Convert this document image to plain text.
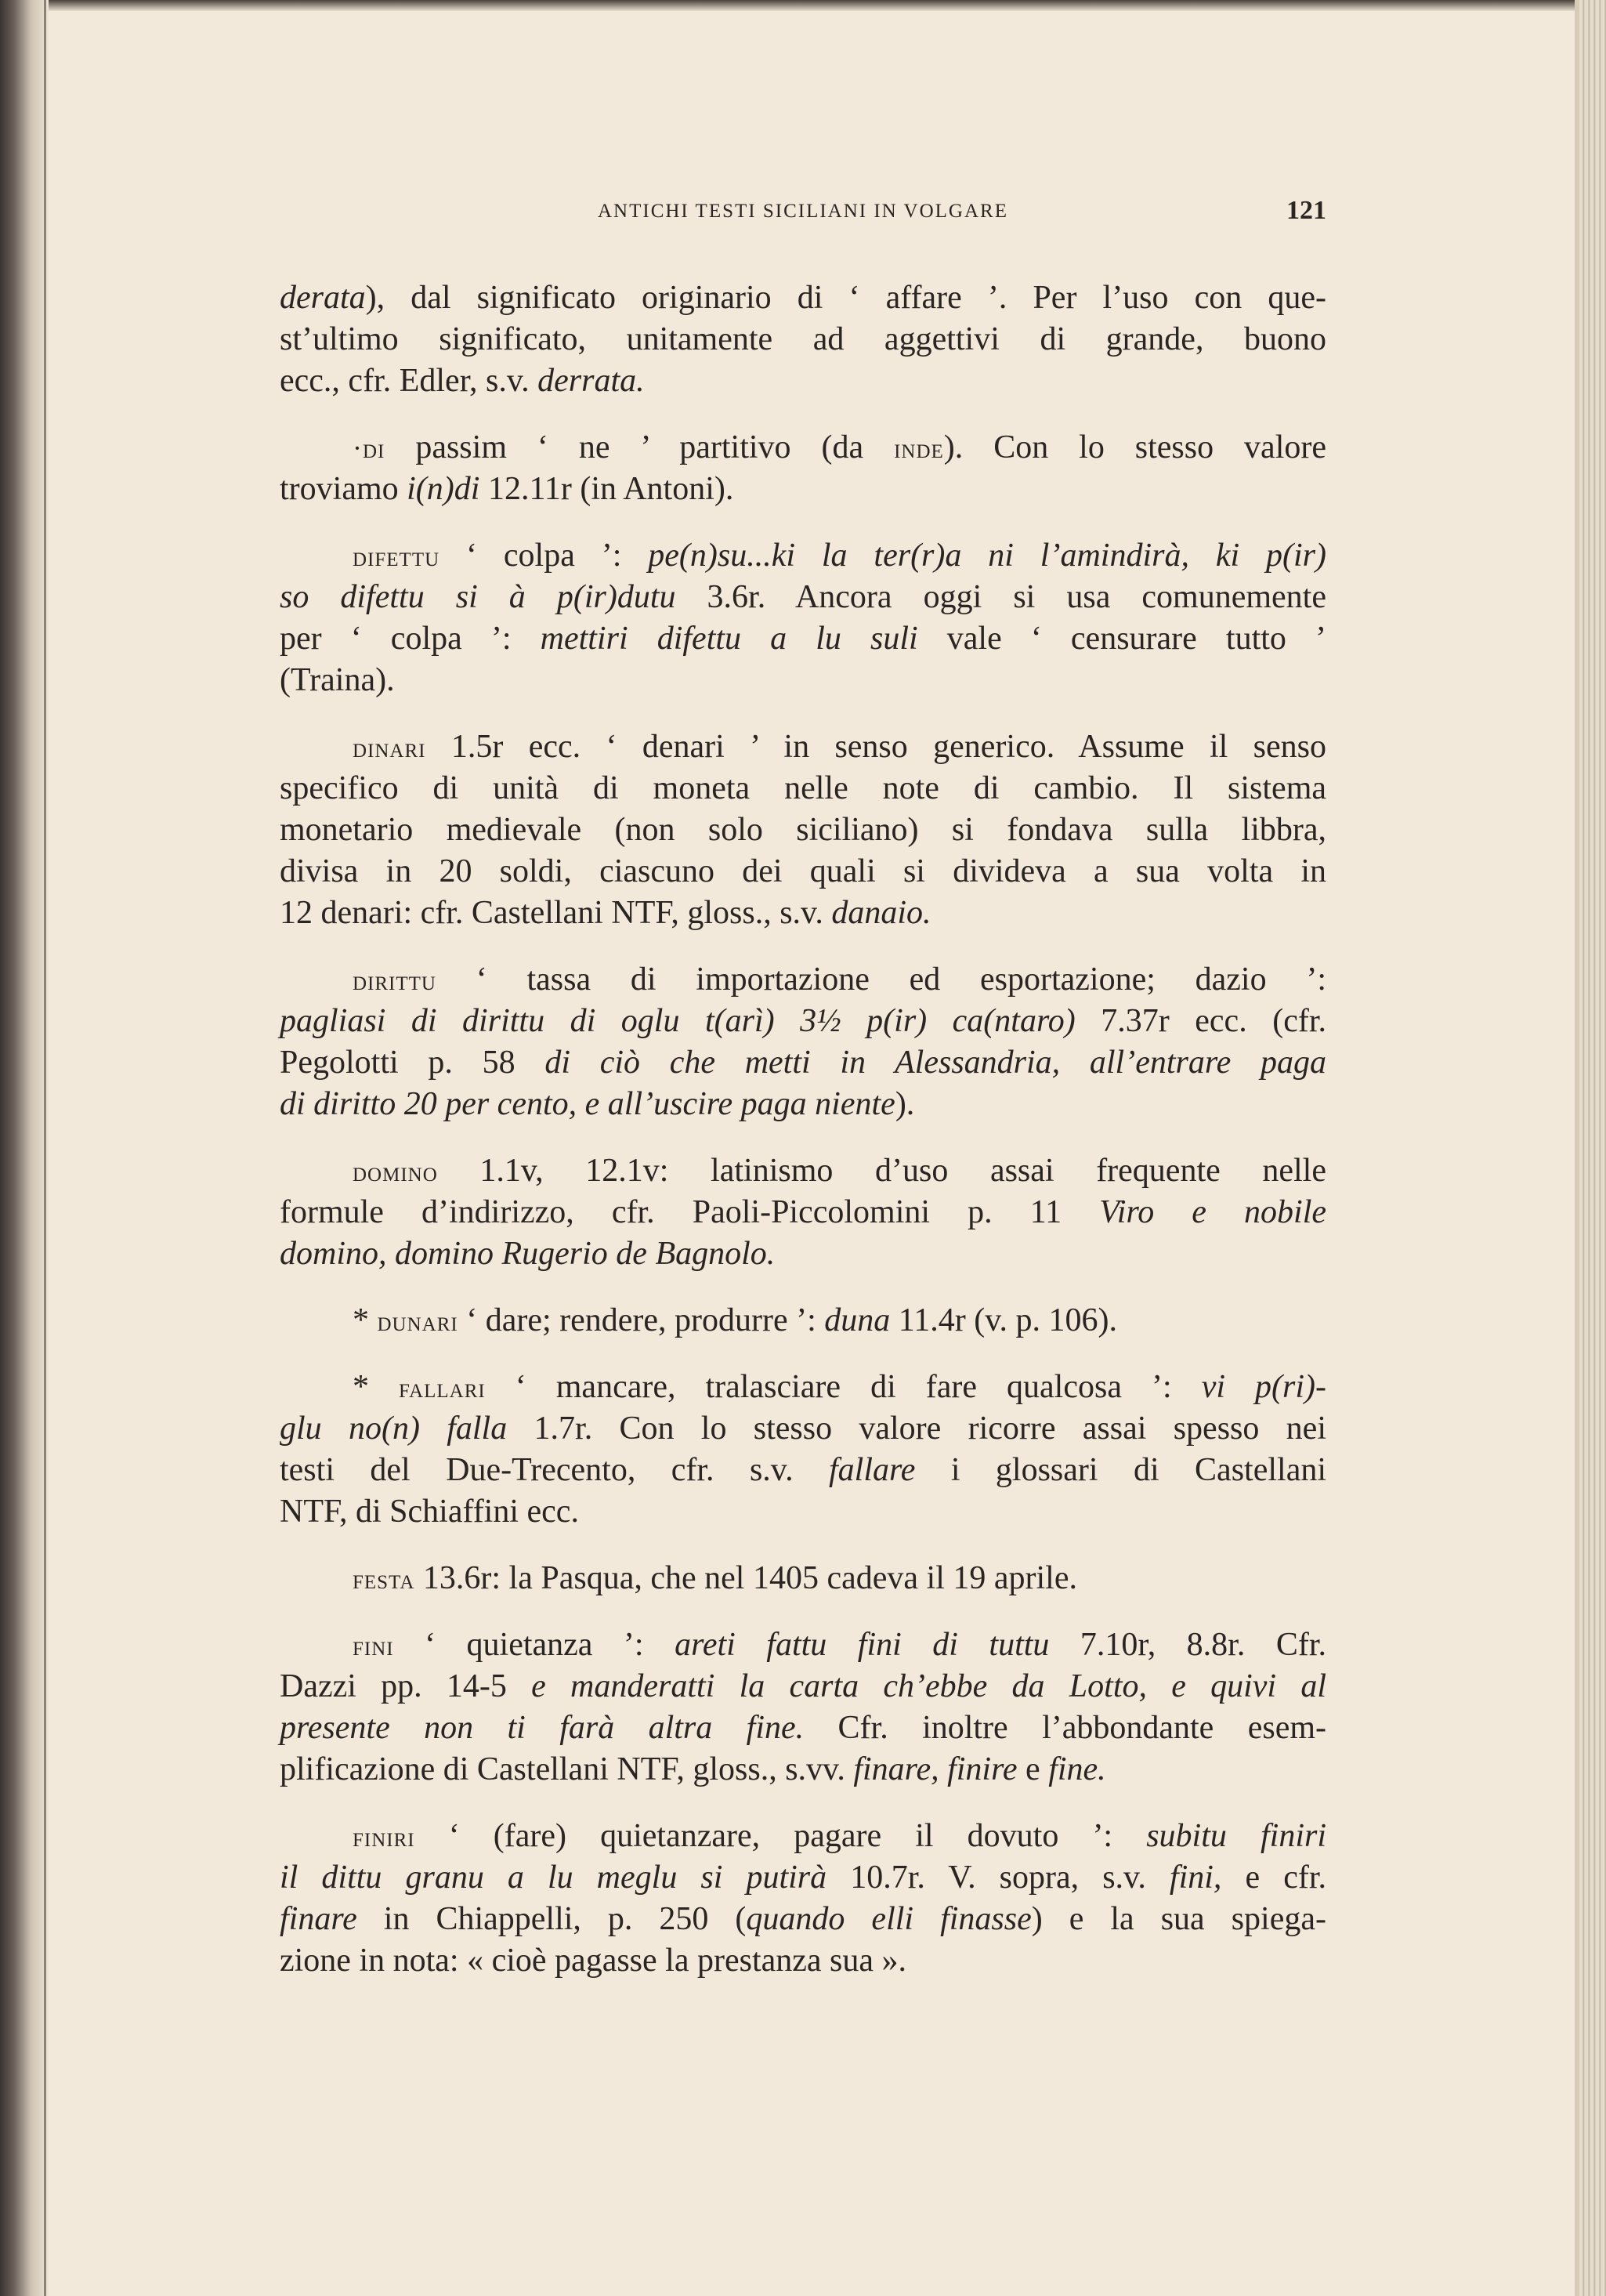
ANTICHI TESTI SICILIANI IN VOLGARE	121
derata), dal significato originario di ‘ affare ’. Per l’uso con que-
st’ultimo significato, unitamente ad aggettivi di grande, buono
ecc., cfr. Edler, s.v. derrata.
·di passim ‘ ne ’ partitivo (da inde). Con lo stesso valore
troviamo i(n)di 12.11r (in Antoni).
difettu ‘ colpa ’: pe(n)su...ki la ter(r)a ni l’amindirà, ki p(ir)
so difettu si à p(ir)dutu 3.6r. Ancora oggi si usa comunemente
per ‘ colpa ’: mettiri difettu a lu suli vale ‘ censurare tutto ’
(Traina).
dinari 1.5r ecc. ‘ denari ’ in senso generico. Assume il senso
specifico di unità di moneta nelle note di cambio. Il sistema
monetario medievale (non solo siciliano) si fondava sulla libbra,
divisa in 20 soldi, ciascuno dei quali si divideva a sua volta in
12 denari: cfr. Castellani NTF, gloss., s.v. danaio.
dirittu ‘ tassa di importazione ed esportazione; dazio ’:
pagliasi di dirittu di oglu t(arì) 3½ p(ir) ca(ntaro) 7.37r ecc. (cfr.
Pegolotti p. 58 di ciò che metti in Alessandria, all’entrare paga
di diritto 20 per cento, e all’uscire paga niente).
domino 1.1v, 12.1v: latinismo d’uso assai frequente nelle
formule d’indirizzo, cfr. Paoli-Piccolomini p. 11 Viro e nobile
domino, domino Rugerio de Bagnolo.
* dunari ‘ dare; rendere, produrre ’: duna 11.4r (v. p. 106).
* fallari ‘ mancare, tralasciare di fare qualcosa ’: vi p(ri)-
glu no(n) falla 1.7r. Con lo stesso valore ricorre assai spesso nei
testi del Due-Trecento, cfr. s.v. fallare i glossari di Castellani
NTF, di Schiaffini ecc.
festa 13.6r: la Pasqua, che nel 1405 cadeva il 19 aprile.
fini ‘ quietanza ’: areti fattu fini di tuttu 7.10r, 8.8r. Cfr.
Dazzi pp. 14-5 e manderatti la carta ch’ebbe da Lotto, e quivi al
presente non ti farà altra fine. Cfr. inoltre l’abbondante esem-
plificazione di Castellani NTF, gloss., s.vv. finare, finire e fine.
finiri ‘ (fare) quietanzare, pagare il dovuto ’: subitu finiri
il dittu granu a lu meglu si putirà 10.7r. V. sopra, s.v. fini, e cfr.
finare in Chiappelli, p. 250 (quando elli finasse) e la sua spiega-
zione in nota: « cioè pagasse la prestanza sua ».
